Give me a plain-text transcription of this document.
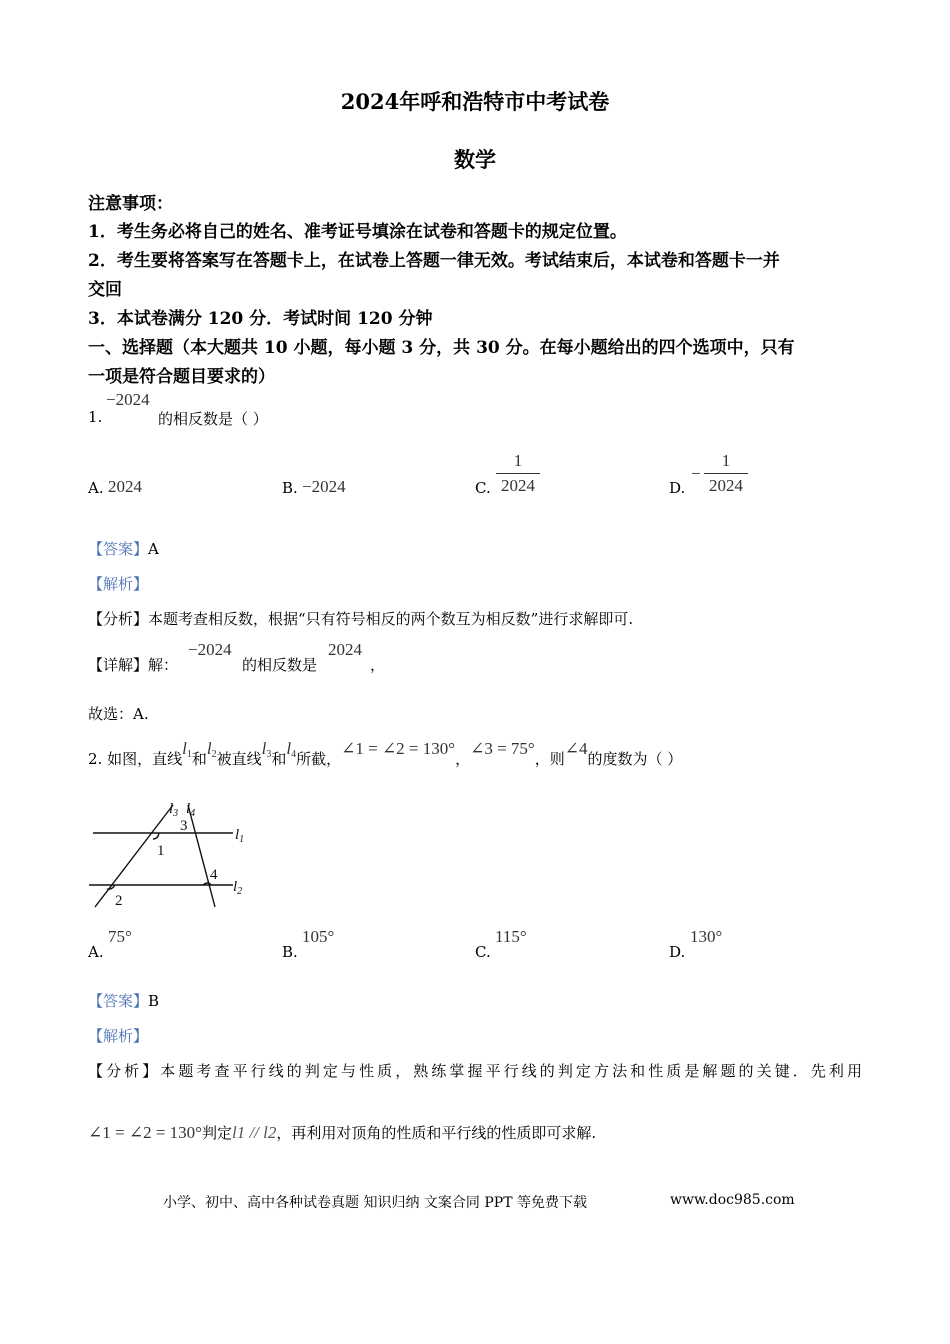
2024年呼和浩特市中考试卷
数学
注意事项：
1．考生务必将自己的姓名、准考证号填涂在试卷和答题卡的规定位置。
2．考生要将答案写在答题卡上，在试卷上答题一律无效。考试结束后，本试卷和答题卡一并
交回
3．本试卷满分 120 分．考试时间 120 分钟
一、选择题（本大题共 10 小题，每小题 3 分，共 30 分。在每小题给出的四个选项中，只有
一项是符合题目要求的）
1.
−2024
的相反数是（ ）
A. 2024	B. −2024	C.
1
2024	D.
−
1
2024
【答案】A
【解析】
【分析】本题考查相反数，根据“只有符号相反的两个数互为相反数”进行求解即可.
【详解】解：
−2024
的相反数是
2024
，
故选：A.
2. 如图，直线$l_1$和$l_2$被直线$l_3$和$l_4$所截，∠1 = ∠2 = 130°，∠3 = 75°，则∠4的度数为（ ）
$l_3$ $l_4$
3
1
$l_1$
4
$l_2$
2
A.
75°
B.
105°
C.
115°
D.
130°
【答案】B
【解析】
【分析】本题考查平行线的判定与性质，熟练掌握平行线的判定方法和性质是解题的关键．先利用
∠1 = ∠2 = 130°判定l1 // l2，再利用对顶角的性质和平行线的性质即可求解.
小学、初中、高中各种试卷真题 知识归纳 文案合同 PPT 等免费下载	www.doc985.com
